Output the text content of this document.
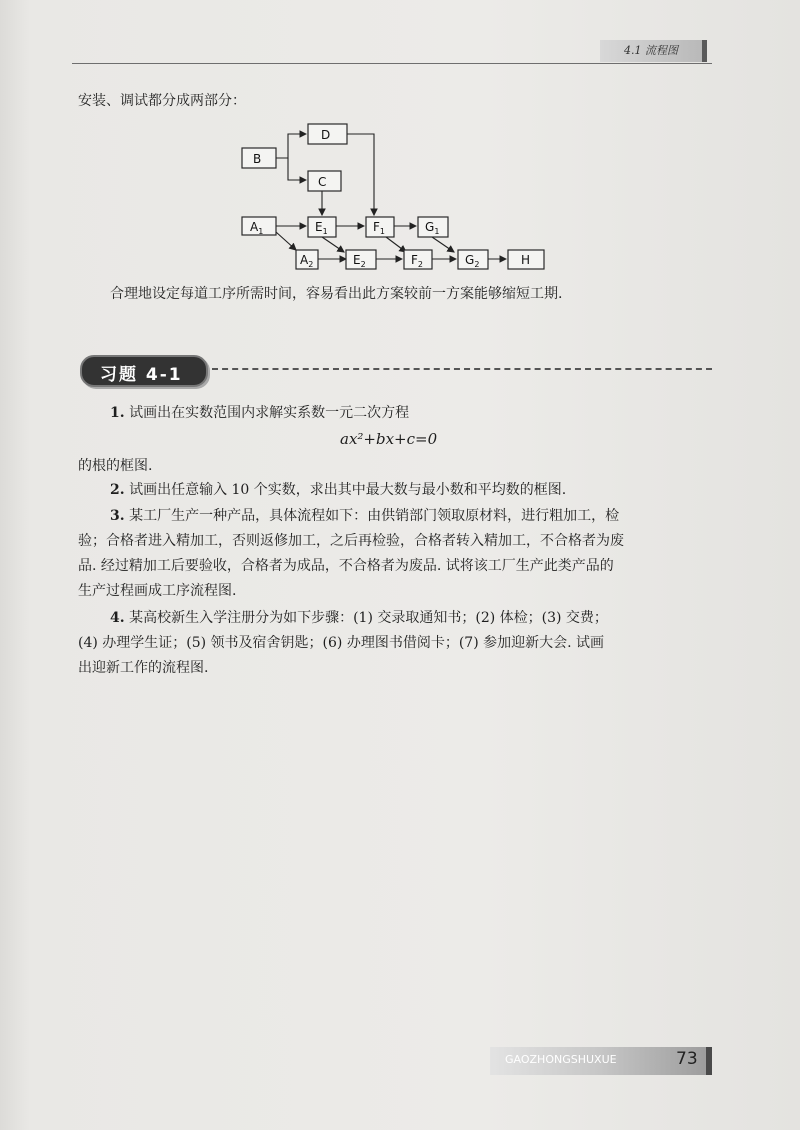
4.1 流程图
安装、调试都分成两部分：
B
D
C
$A_1$	$E_1$	$F_1$	$G_1$
$A_2$	$E_2$	$F_2$	$G_2$	H
合理地设定每道工序所需时间，容易看出此方案较前一方案能够缩短工期.
习题 4-1
1. 试画出在实数范围内求解实系数一元二次方程
ax²+bx+c=0
的根的框图.
2. 试画出任意输入 10 个实数，求出其中最大数与最小数和平均数的框图.
3. 某工厂生产一种产品，具体流程如下：由供销部门领取原材料，进行粗加工，检
验；合格者进入精加工，否则返修加工，之后再检验，合格者转入精加工，不合格者为废
品. 经过精加工后要验收，合格者为成品，不合格者为废品. 试将该工厂生产此类产品的
生产过程画成工序流程图.
4. 某高校新生入学注册分为如下步骤：(1) 交录取通知书；(2) 体检；(3) 交费；
(4) 办理学生证；(5) 领书及宿舍钥匙；(6) 办理图书借阅卡；(7) 参加迎新大会. 试画
出迎新工作的流程图.
GAOZHONGSHUXUE	73
